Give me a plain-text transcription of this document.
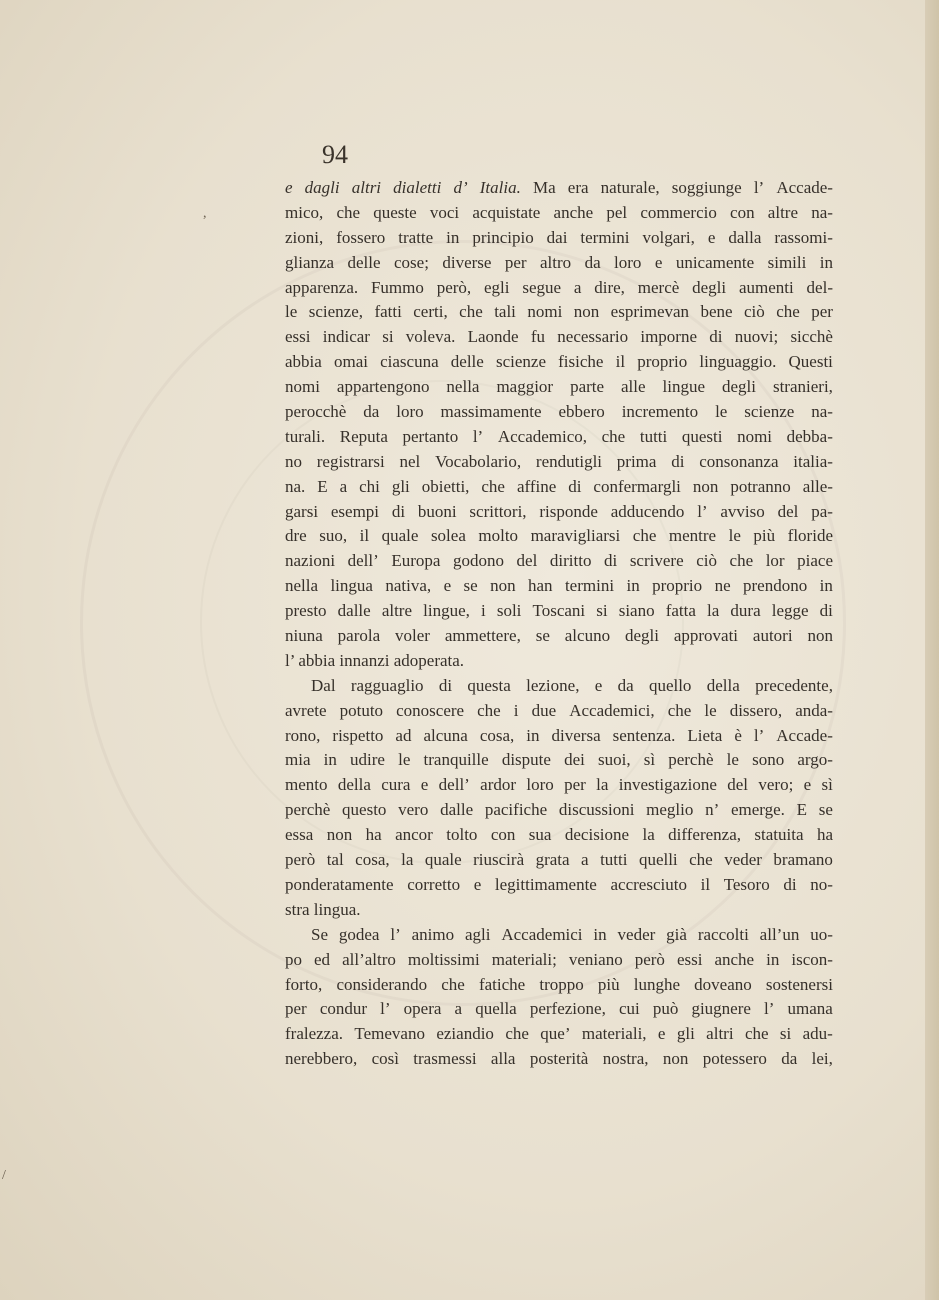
94
,
/
e dagli altri dialetti d’ Italia. Ma era naturale, soggiunge l’ Accade-
mico, che queste voci acquistate anche pel commercio con altre na-
zioni, fossero tratte in principio dai termini volgari, e dalla rassomi-
glianza delle cose; diverse per altro da loro e unicamente simili in
apparenza. Fummo però, egli segue a dire, mercè degli aumenti del-
le scienze, fatti certi, che tali nomi non esprimevan bene ciò che per
essi indicar si voleva. Laonde fu necessario imporne di nuovi; sicchè
abbia omai ciascuna delle scienze fisiche il proprio linguaggio. Questi
nomi appartengono nella maggior parte alle lingue degli stranieri,
perocchè da loro massimamente ebbero incremento le scienze na-
turali. Reputa pertanto l’ Accademico, che tutti questi nomi debba-
no registrarsi nel Vocabolario, rendutigli prima di consonanza italia-
na. E a chi gli obietti, che affine di confermargli non potranno alle-
garsi esempi di buoni scrittori, risponde adducendo l’ avviso del pa-
dre suo, il quale solea molto maravigliarsi che mentre le più floride
nazioni dell’ Europa godono del diritto di scrivere ciò che lor piace
nella lingua nativa, e se non han termini in proprio ne prendono in
presto dalle altre lingue, i soli Toscani si siano fatta la dura legge di
niuna parola voler ammettere, se alcuno degli approvati autori non
l’ abbia innanzi adoperata.
Dal ragguaglio di questa lezione, e da quello della precedente,
avrete potuto conoscere che i due Accademici, che le dissero, anda-
rono, rispetto ad alcuna cosa, in diversa sentenza. Lieta è l’ Accade-
mia in udire le tranquille dispute dei suoi, sì perchè le sono argo-
mento della cura e dell’ ardor loro per la investigazione del vero; e sì
perchè questo vero dalle pacifiche discussioni meglio n’ emerge. E se
essa non ha ancor tolto con sua decisione la differenza, statuita ha
però tal cosa, la quale riuscirà grata a tutti quelli che veder bramano
ponderatamente corretto e legittimamente accresciuto il Tesoro di no-
stra lingua.
Se godea l’ animo agli Accademici in veder già raccolti all’un uo-
po ed all’altro moltissimi materiali; veniano però essi anche in iscon-
forto, considerando che fatiche troppo più lunghe doveano sostenersi
per condur l’ opera a quella perfezione, cui può giugnere l’ umana
fralezza. Temevano eziandio che que’ materiali, e gli altri che si adu-
nerebbero, così trasmessi alla posterità nostra, non potessero da lei,
